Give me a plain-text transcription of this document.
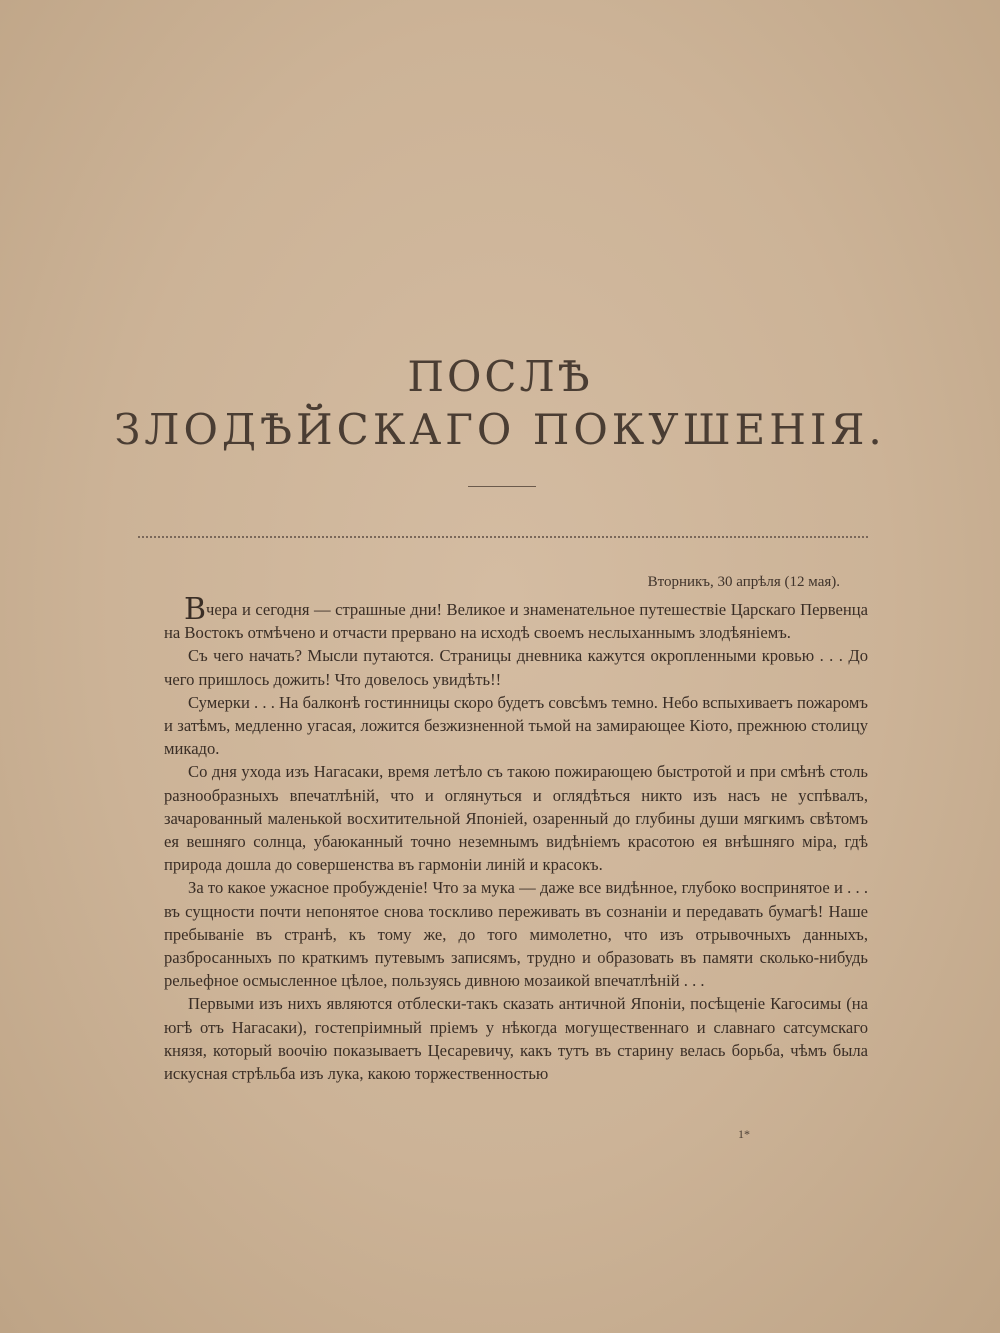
ПОСЛѢ
ЗЛОДѢЙСКАГО ПОКУШЕНІЯ.
Вторникъ, 30 апрѣля (12 мая).

Вчера и сегодня — страшные дни! Великое и знаменательное путешествіе Царскаго Первенца на Востокъ отмѣчено и отчасти прервано на исходѣ своемъ неслыханнымъ злодѣяніемъ.

Съ чего начать? Мысли путаются. Страницы дневника кажутся окропленными кровью . . . До чего пришлось дожить! Что довелось увидѣть!!

Сумерки . . . На балконѣ гостинницы скоро будетъ совсѣмъ темно. Небо вспыхиваетъ пожаромъ и затѣмъ, медленно угасая, ложится безжизненной тьмой на замирающее Кіото, прежнюю столицу микадо.

Со дня ухода изъ Нагасаки, время летѣло съ такою пожирающею быстротой и при смѣнѣ столь разнообразныхъ впечатлѣній, что и оглянуться и оглядѣться никто изъ насъ не успѣвалъ, зачарованный маленькой восхитительной Японіей, озаренный до глубины души мягкимъ свѣтомъ ея вешняго солнца, убаюканный точно неземнымъ видѣніемъ красотою ея внѣшняго міра, гдѣ природа дошла до совершенства въ гармоніи линій и красокъ.

За то какое ужасное пробужденіе! Что за мука — даже все видѣнное, глубоко воспринятое и . . . въ сущности почти непонятое снова тоскливо переживать въ сознаніи и передавать бумагѣ! Наше пребываніе въ странѣ, къ тому же, до того мимолетно, что изъ отрывочныхъ данныхъ, разбросанныхъ по краткимъ путевымъ записямъ, трудно и образовать въ памяти сколько-нибудь рельефное осмысленное цѣлое, пользуясь дивною мозаикой впечатлѣній . . .

Первыми изъ нихъ являются отблески-такъ сказать античной Японіи, посѣщеніе Кагосимы (на югѣ отъ Нагасаки), гостепріимный пріемъ у нѣкогда могущественнаго и славнаго сатсумскаго князя, который воочію показываетъ Цесаревичу, какъ тутъ въ старину велась борьба, чѣмъ была искусная стрѣльба изъ лука, какою торжественностью

1*
